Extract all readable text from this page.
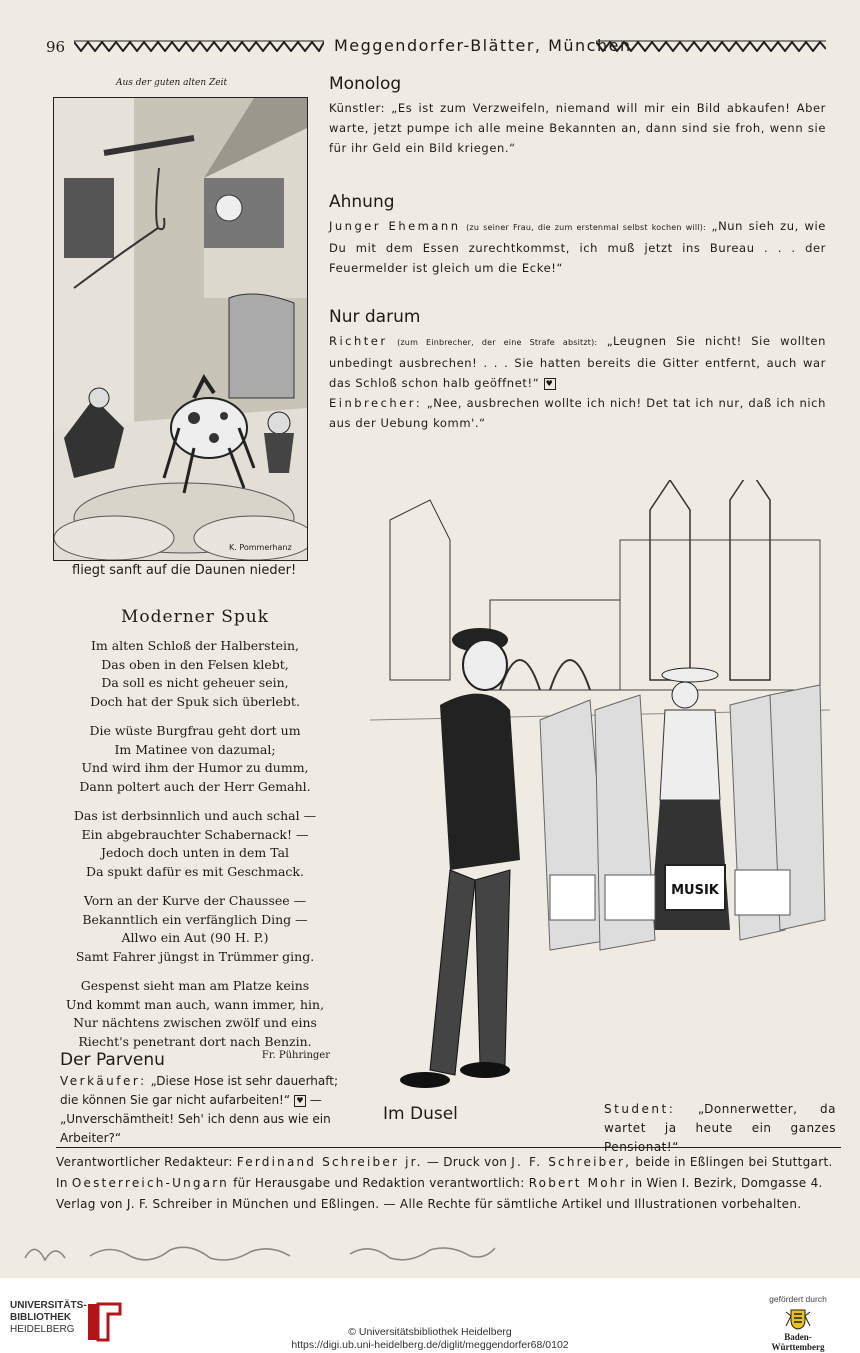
96	Meggendorfer-Blätter, München
Aus der guten alten Zeit
K. Pommerhanz
fliegt sanft auf die Daunen nieder!
Monolog

Künstler: „Es ist zum Verzweifeln, niemand will mir ein Bild abkaufen! Aber warte, jetzt pumpe ich alle meine Bekannten an, dann sind sie froh, wenn sie für ihr Geld ein Bild kriegen.“

Ahnung

Junger Ehemann (zu seiner Frau, die zum erstenmal selbst kochen will): „Nun sieh zu, wie Du mit dem Essen zurechtkommst, ich muß jetzt ins Bureau . . . der Feuermelder ist gleich um die Ecke!“

Nur darum

Richter (zum Einbrecher, der eine Strafe absitzt): „Leugnen Sie nicht! Sie wollten unbedingt ausbrechen! . . . Sie hatten bereits die Gitter entfernt, auch war das Schloß schon halb geöffnet!“ ♥
Einbrecher: „Nee, ausbrechen wollte ich nich! Det tat ich nur, daß ich nich aus der Uebung komm'.“

Moderner Spuk
Im alten Schloß der Halberstein,
Das oben in den Felsen klebt,
Da soll es nicht geheuer sein,
Doch hat der Spuk sich überlebt.
Die wüste Burgfrau geht dort um
Im Matinee von dazumal;
Und wird ihm der Humor zu dumm,
Dann poltert auch der Herr Gemahl.
Das ist derbsinnlich und auch schal —
Ein abgebrauchter Schabernack! —
Jedoch doch unten in dem Tal
Da spukt dafür es mit Geschmack.
Vorn an der Kurve der Chaussee —
Bekanntlich ein verfänglich Ding —
Allwo ein Aut (90 H. P.)
Samt Fahrer jüngst in Trümmer ging.
Gespenst sieht man am Platze keins
Und kommt man auch, wann immer, hin,
Nur nächtens zwischen zwölf und eins
Riecht's penetrant dort nach Benzin.
Fr. Pühringer
Der Parvenu

Verkäufer: „Diese Hose ist sehr dauerhaft; die können Sie gar nicht aufarbeiten!“ ♥ — „Unverschämtheit! Seh' ich denn aus wie ein Arbeiter?“

MUSIK
Im Dusel	Student: „Donnerwetter, da wartet ja heute ein ganzes Pensionat!“
Verantwortlicher Redakteur: Ferdinand Schreiber jr. — Druck von J. F. Schreiber, beide in Eßlingen bei Stuttgart.
In Oesterreich-Ungarn für Herausgabe und Redaktion verantwortlich: Robert Mohr in Wien I. Bezirk, Domgasse 4.
Verlag von J. F. Schreiber in München und Eßlingen. — Alle Rechte für sämtliche Artikel und Illustrationen vorbehalten.
UNIVERSITÄTS-
BIBLIOTHEK
HEIDELBERG	© Universitätsbibliothek Heidelberg
https://digi.ub.uni-heidelberg.de/diglit/meggendorfer68/0102
gefördert durch
Baden-Württemberg
